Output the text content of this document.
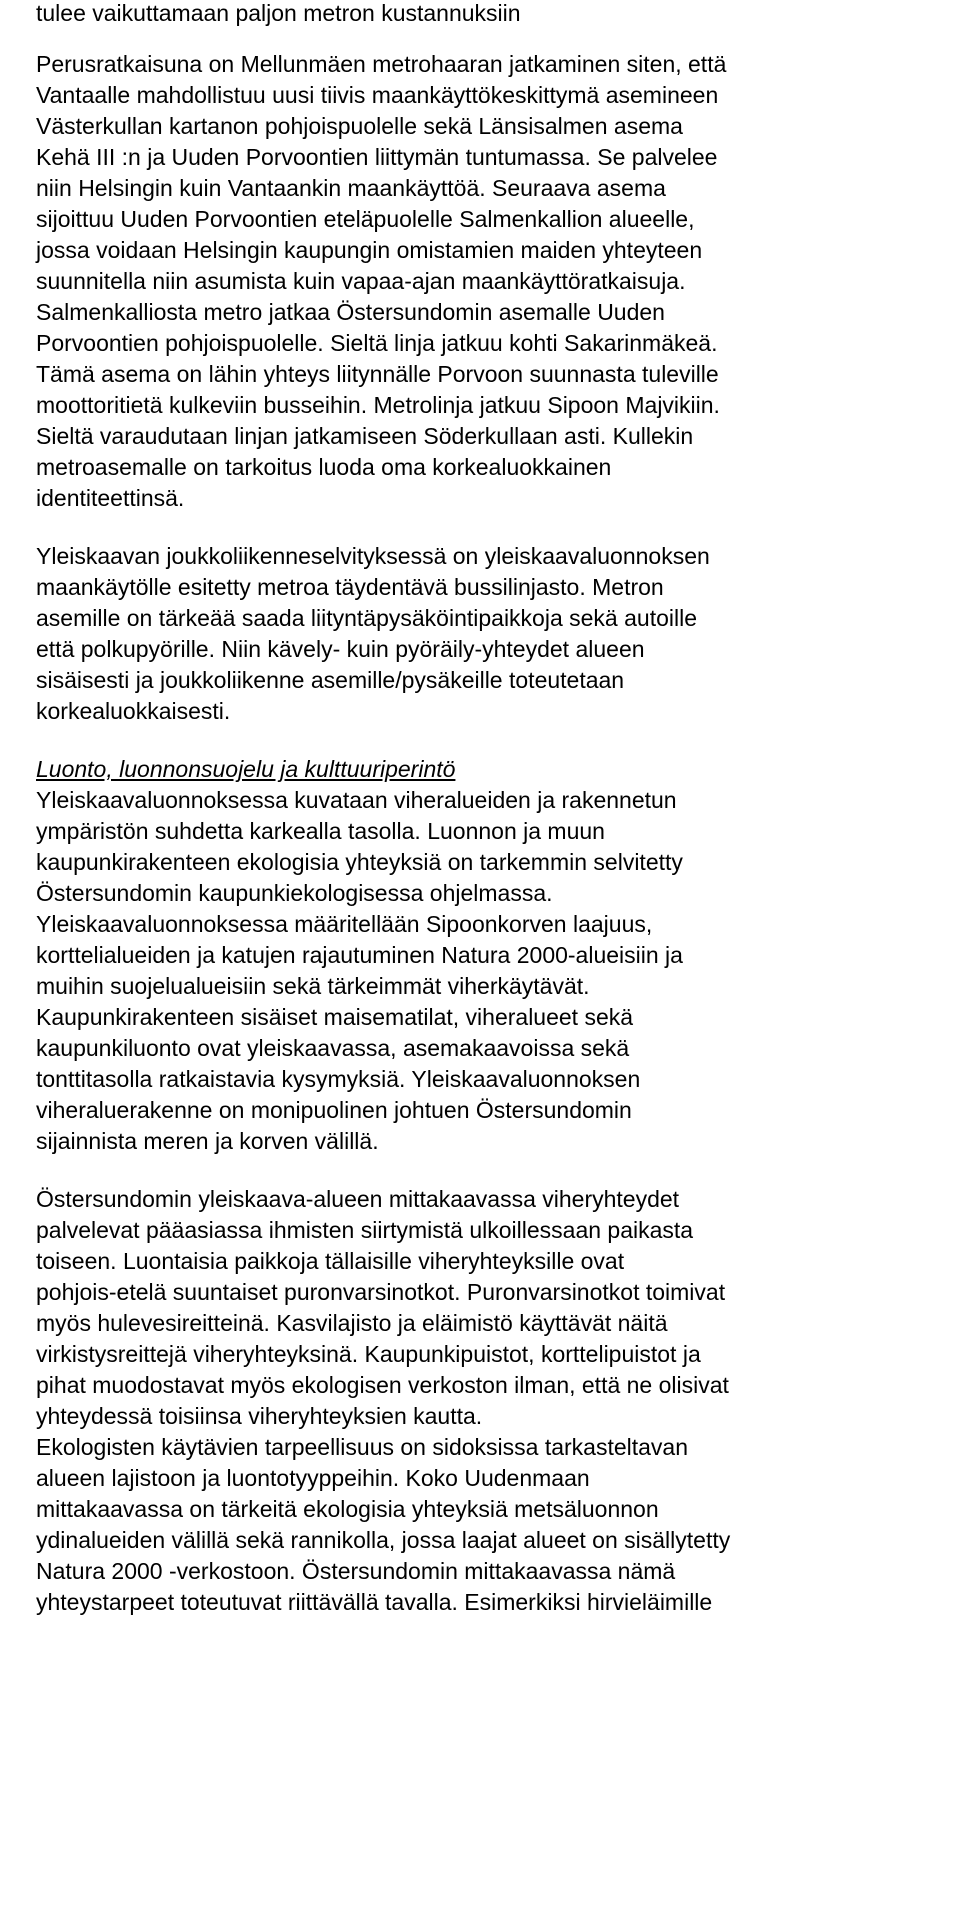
tulee vaikuttamaan paljon metron kustannuksiin
Perusratkaisuna on Mellunmäen metrohaaran jatkaminen siten, että
Vantaalle mahdollistuu uusi tiivis maankäyttökeskittymä asemineen
Västerkullan kartanon pohjoispuolelle sekä Länsisalmen asema
Kehä III :n ja Uuden Porvoontien liittymän tuntumassa. Se palvelee
niin Helsingin kuin Vantaankin maankäyttöä. Seuraava asema
sijoittuu Uuden Porvoontien eteläpuolelle Salmenkallion alueelle,
jossa voidaan Helsingin kaupungin omistamien maiden yhteyteen
suunnitella niin asumista kuin vapaa-ajan maankäyttöratkaisuja.
Salmenkalliosta metro jatkaa Östersundomin asemalle Uuden
Porvoontien pohjoispuolelle. Sieltä linja jatkuu kohti Sakarinmäkeä.
Tämä asema on lähin yhteys liitynnälle Porvoon suunnasta tuleville
moottoritietä kulkeviin busseihin. Metrolinja jatkuu Sipoon Majvikiin.
Sieltä varaudutaan linjan jatkamiseen Söderkullaan asti. Kullekin
metroasemalle on tarkoitus luoda oma korkealuokkainen
identiteettinsä.
Yleiskaavan joukkoliikenneselvityksessä on yleiskaavaluonnoksen
maankäytölle esitetty metroa täydentävä bussilinjasto. Metron
asemille on tärkeää saada liityntäpysäköintipaikkoja sekä autoille
että polkupyörille. Niin kävely- kuin pyöräily-yhteydet alueen
sisäisesti ja joukkoliikenne asemille/pysäkeille toteutetaan
korkealuokkaisesti.
Luonto, luonnonsuojelu ja kulttuuriperintö
Yleiskaavaluonnoksessa kuvataan viheralueiden ja rakennetun
ympäristön suhdetta karkealla tasolla. Luonnon ja muun
kaupunkirakenteen ekologisia yhteyksiä on tarkemmin selvitetty
Östersundomin kaupunkiekologisessa ohjelmassa.
Yleiskaavaluonnoksessa määritellään Sipoonkorven laajuus,
korttelialueiden ja katujen rajautuminen Natura 2000-alueisiin ja
muihin suojelualueisiin sekä tärkeimmät viherkäytävät.
Kaupunkirakenteen sisäiset maisematilat, viheralueet sekä
kaupunkiluonto ovat yleiskaavassa, asemakaavoissa sekä
tonttitasolla ratkaistavia kysymyksiä. Yleiskaavaluonnoksen
viheraluerakenne on monipuolinen johtuen Östersundomin
sijainnista meren ja korven välillä.
Östersundomin yleiskaava-alueen mittakaavassa viheryhteydet
palvelevat pääasiassa ihmisten siirtymistä ulkoillessaan paikasta
toiseen. Luontaisia paikkoja tällaisille viheryhteyksille ovat
pohjois-etelä suuntaiset puronvarsinotkot. Puronvarsinotkot toimivat
myös hulevesireitteinä. Kasvilajisto ja eläimistö käyttävät näitä
virkistysreittejä viheryhteyksinä. Kaupunkipuistot, korttelipuistot ja
pihat muodostavat myös ekologisen verkoston ilman, että ne olisivat
yhteydessä toisiinsa viheryhteyksien kautta.
Ekologisten käytävien tarpeellisuus on sidoksissa tarkasteltavan
alueen lajistoon ja luontotyyppeihin. Koko Uudenmaan
mittakaavassa on tärkeitä ekologisia yhteyksiä metsäluonnon
ydinalueiden välillä sekä rannikolla, jossa laajat alueet on sisällytetty
Natura 2000 -verkostoon. Östersundomin mittakaavassa nämä
yhteystarpeet toteutuvat riittävällä tavalla. Esimerkiksi hirvieläimille
